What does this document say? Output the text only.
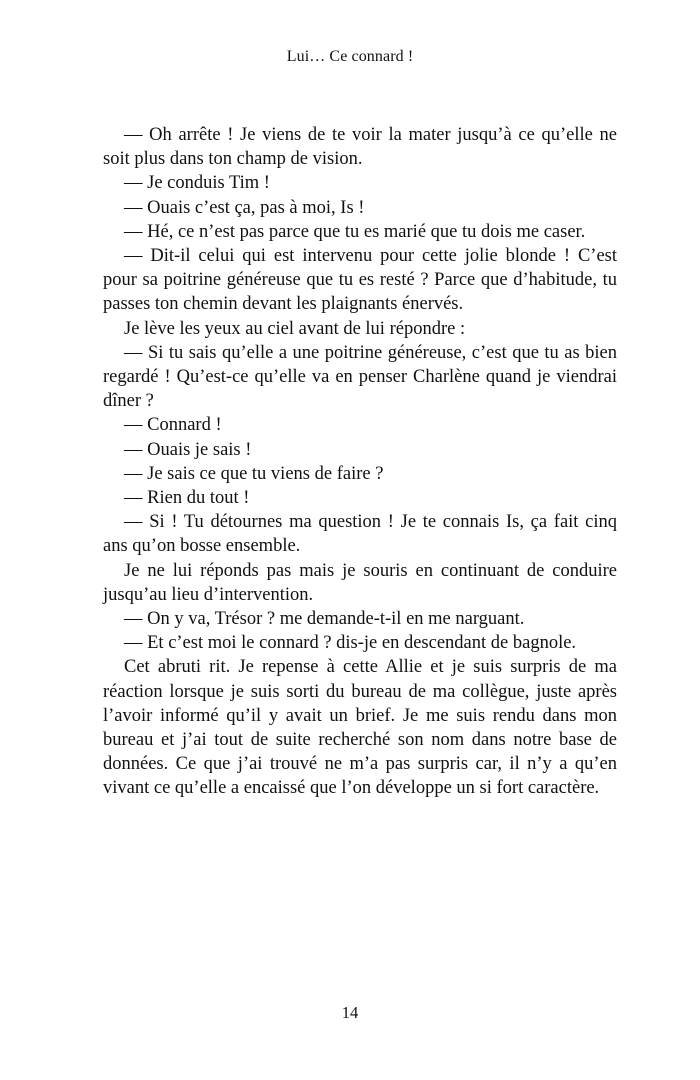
Lui… Ce connard !

— Oh arrête ! Je viens de te voir la mater jusqu’à ce qu’elle ne soit plus dans ton champ de vision.

— Je conduis Tim !

— Ouais c’est ça, pas à moi, Is !

— Hé, ce n’est pas parce que tu es marié que tu dois me caser.

— Dit-il celui qui est intervenu pour cette jolie blonde ! C’est pour sa poitrine généreuse que tu es resté ? Parce que d’habitude, tu passes ton chemin devant les plaignants énervés.

Je lève les yeux au ciel avant de lui répondre :

— Si tu sais qu’elle a une poitrine généreuse, c’est que tu as bien regardé ! Qu’est-ce qu’elle va en penser Charlène quand je viendrai dîner ?

— Connard !

— Ouais je sais !

— Je sais ce que tu viens de faire ?

— Rien du tout !

— Si ! Tu détournes ma question ! Je te connais Is, ça fait cinq ans qu’on bosse ensemble.

Je ne lui réponds pas mais je souris en continuant de conduire jusqu’au lieu d’intervention.

— On y va, Trésor ? me demande-t-il en me narguant.

— Et c’est moi le connard ? dis-je en descendant de bagnole.

Cet abruti rit. Je repense à cette Allie et je suis surpris de ma réaction lorsque je suis sorti du bureau de ma collègue, juste après l’avoir informé qu’il y avait un brief. Je me suis rendu dans mon bureau et j’ai tout de suite recherché son nom dans notre base de données. Ce que j’ai trouvé ne m’a pas surpris car, il n’y a qu’en vivant ce qu’elle a encaissé que l’on développe un si fort caractère.

14
